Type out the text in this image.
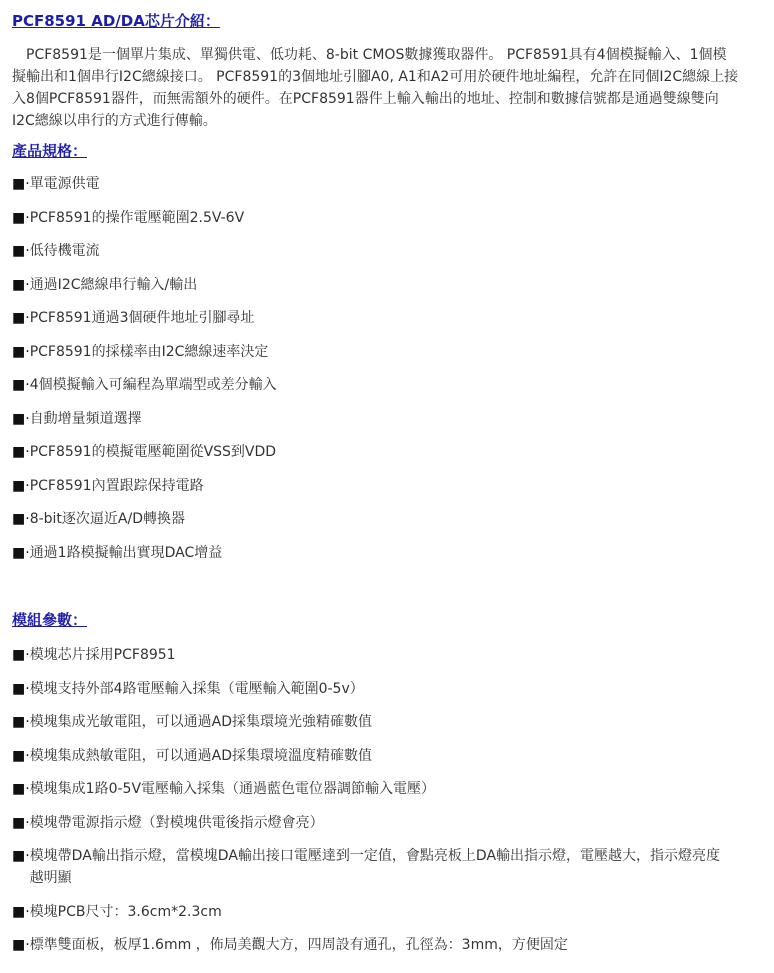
PCF8591 AD/DA芯片介紹：

PCF8591是一個單片集成、單獨供電、低功耗、8-bit CMOS數據獲取器件。 PCF8591具有4個模擬輸入、1個模擬輸出和1個串行I2C總線接口。 PCF8591的3個地址引腳A0, A1和A2可用於硬件地址編程，允許在同個I2C總線上接入8個PCF8591器件，而無需額外的硬件。在PCF8591器件上輸入輸出的地址、控制和數據信號都是通過雙線雙向I2C總線以串行的方式進行傳輸。

產品規格：
■· 單電源供電
■· PCF8591的操作電壓範圍2.5V-6V
■· 低待機電流
■· 通過I2C總線串行輸入/輸出
■· PCF8591通過3個硬件地址引腳尋址
■· PCF8591的採樣率由I2C總線速率決定
■· 4個模擬輸入可編程為單端型或差分輸入
■· 自動增量頻道選擇
■· PCF8591的模擬電壓範圍從VSS到VDD
■· PCF8591內置跟踪保持電路
■· 8-bit逐次逼近A/D轉換器
■· 通過1路模擬輸出實現DAC增益
模組參數：
■· 模塊芯片採用PCF8951
■· 模塊支持外部4路電壓輸入採集（電壓輸入範圍0-5v）
■· 模塊集成光敏電阻，可以通過AD採集環境光強精確數值
■· 模塊集成熱敏電阻，可以通過AD採集環境溫度精確數值
■· 模塊集成1路0-5V電壓輸入採集（通過藍色電位器調節輸入電壓）
■· 模塊帶電源指示燈（對模塊供電後指示燈會亮）
■· 模塊帶DA輸出指示燈，當模塊DA輸出接口電壓達到一定值，會點亮板上DA輸出指示燈，電壓越大，指示燈亮度越明顯
■· 模塊PCB尺寸：3.6cm*2.3cm
■· 標準雙面板，板厚1.6mm ，佈局美觀大方，四周設有通孔，孔徑為：3mm，方便固定
